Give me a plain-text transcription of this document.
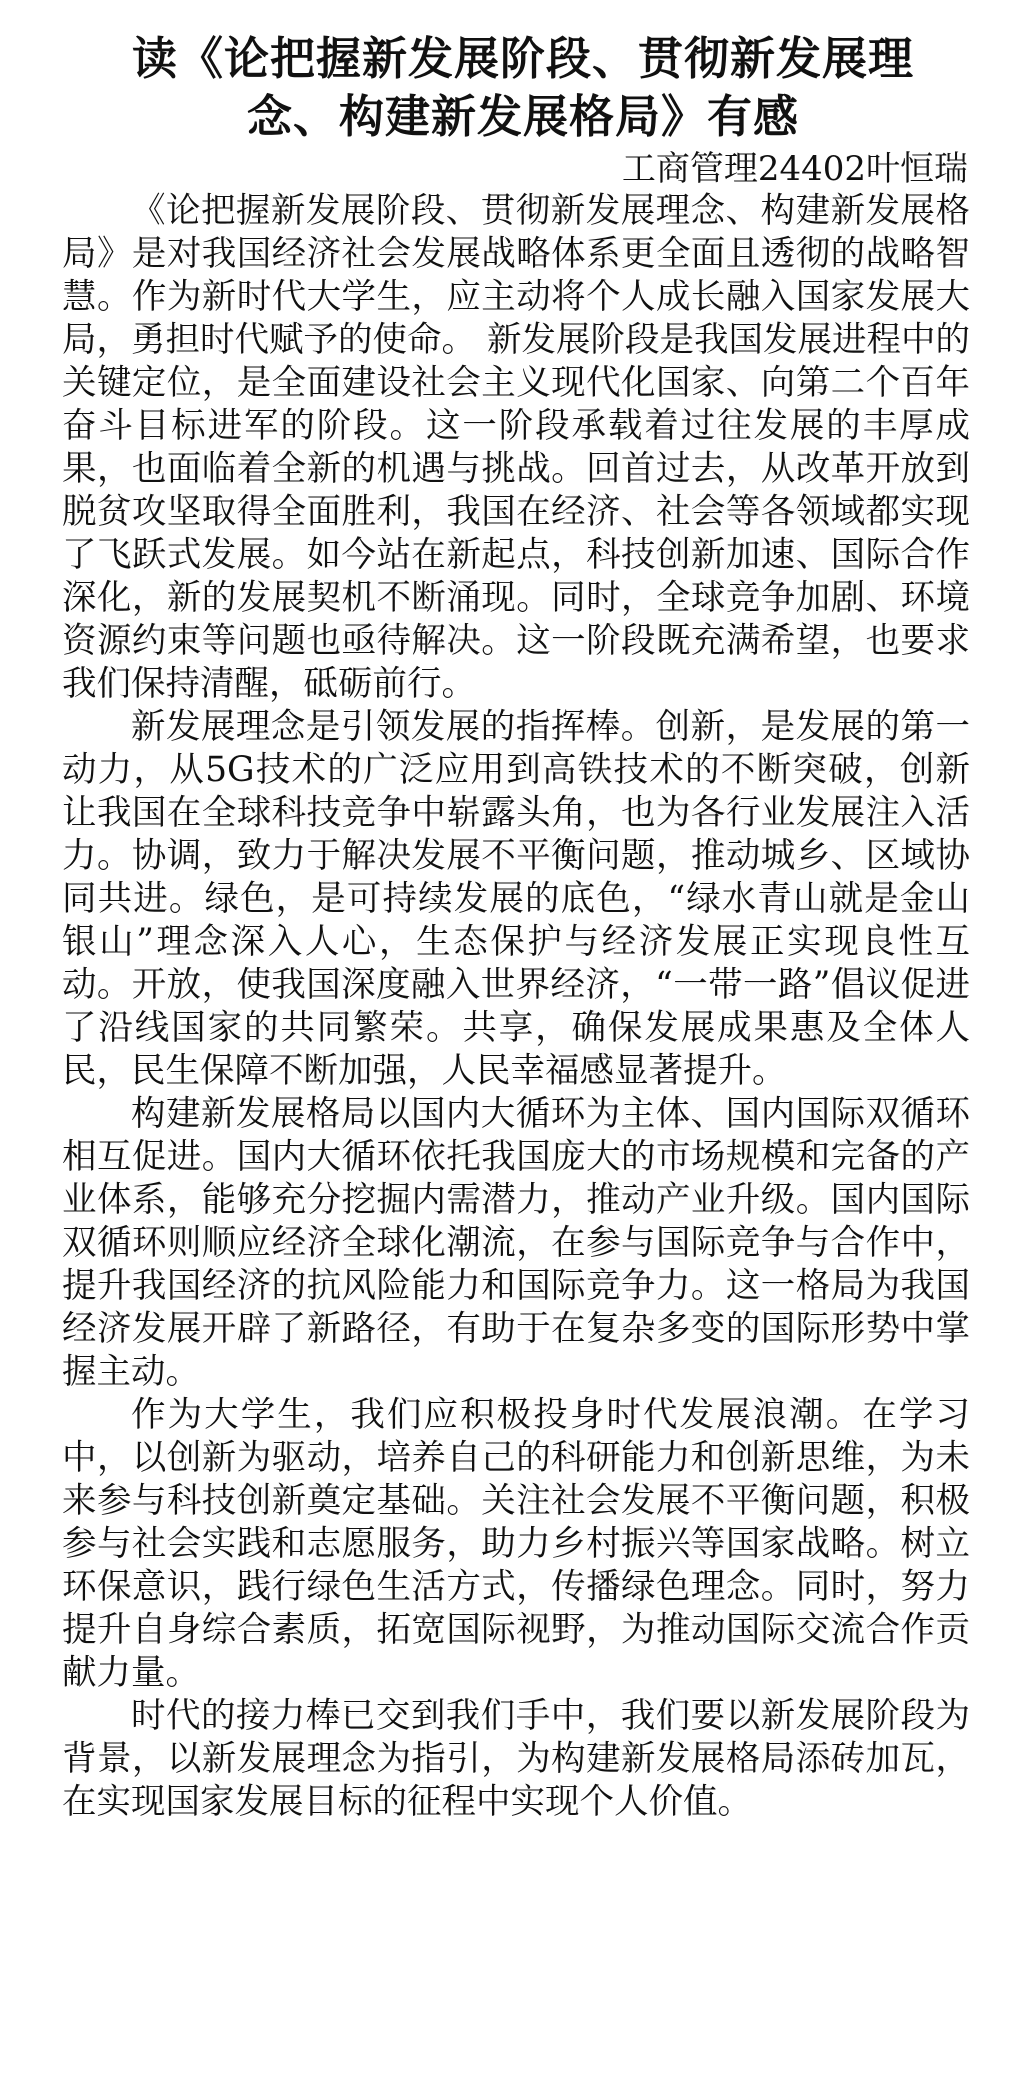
读《论把握新发展阶段、贯彻新发展理
念、构建新发展格局》有感
工商管理24402叶恒瑞

《论把握新发展阶段、贯彻新发展理念、构建新发展格局》是对我国经济社会发展战略体系更全面且透彻的战略智慧。作为新时代大学生，应主动将个人成长融入国家发展大局，勇担时代赋予的使命。 新发展阶段是我国发展进程中的关键定位，是全面建设社会主义现代化国家、向第二个百年奋斗目标进军的阶段。这一阶段承载着过往发展的丰厚成果，也面临着全新的机遇与挑战。回首过去，从改革开放到脱贫攻坚取得全面胜利，我国在经济、社会等各领域都实现了飞跃式发展。如今站在新起点，科技创新加速、国际合作深化，新的发展契机不断涌现。同时，全球竞争加剧、环境资源约束等问题也亟待解决。这一阶段既充满希望，也要求我们保持清醒，砥砺前行。

新发展理念是引领发展的指挥棒。创新，是发展的第一动力，从5G技术的广泛应用到高铁技术的不断突破，创新让我国在全球科技竞争中崭露头角，也为各行业发展注入活力。协调，致力于解决发展不平衡问题，推动城乡、区域协同共进。绿色，是可持续发展的底色，“绿水青山就是金山银山”理念深入人心，生态保护与经济发展正实现良性互动。开放，使我国深度融入世界经济，“一带一路”倡议促进了沿线国家的共同繁荣。共享，确保发展成果惠及全体人民，民生保障不断加强，人民幸福感显著提升。

构建新发展格局以国内大循环为主体、国内国际双循环相互促进。国内大循环依托我国庞大的市场规模和完备的产业体系，能够充分挖掘内需潜力，推动产业升级。国内国际双循环则顺应经济全球化潮流，在参与国际竞争与合作中，提升我国经济的抗风险能力和国际竞争力。这一格局为我国经济发展开辟了新路径，有助于在复杂多变的国际形势中掌握主动。

作为大学生，我们应积极投身时代发展浪潮。在学习中，以创新为驱动，培养自己的科研能力和创新思维，为未来参与科技创新奠定基础。关注社会发展不平衡问题，积极参与社会实践和志愿服务，助力乡村振兴等国家战略。树立环保意识，践行绿色生活方式，传播绿色理念。同时，努力提升自身综合素质，拓宽国际视野，为推动国际交流合作贡献力量。

时代的接力棒已交到我们手中，我们要以新发展阶段为背景，以新发展理念为指引，为构建新发展格局添砖加瓦，在实现国家发展目标的征程中实现个人价值。
